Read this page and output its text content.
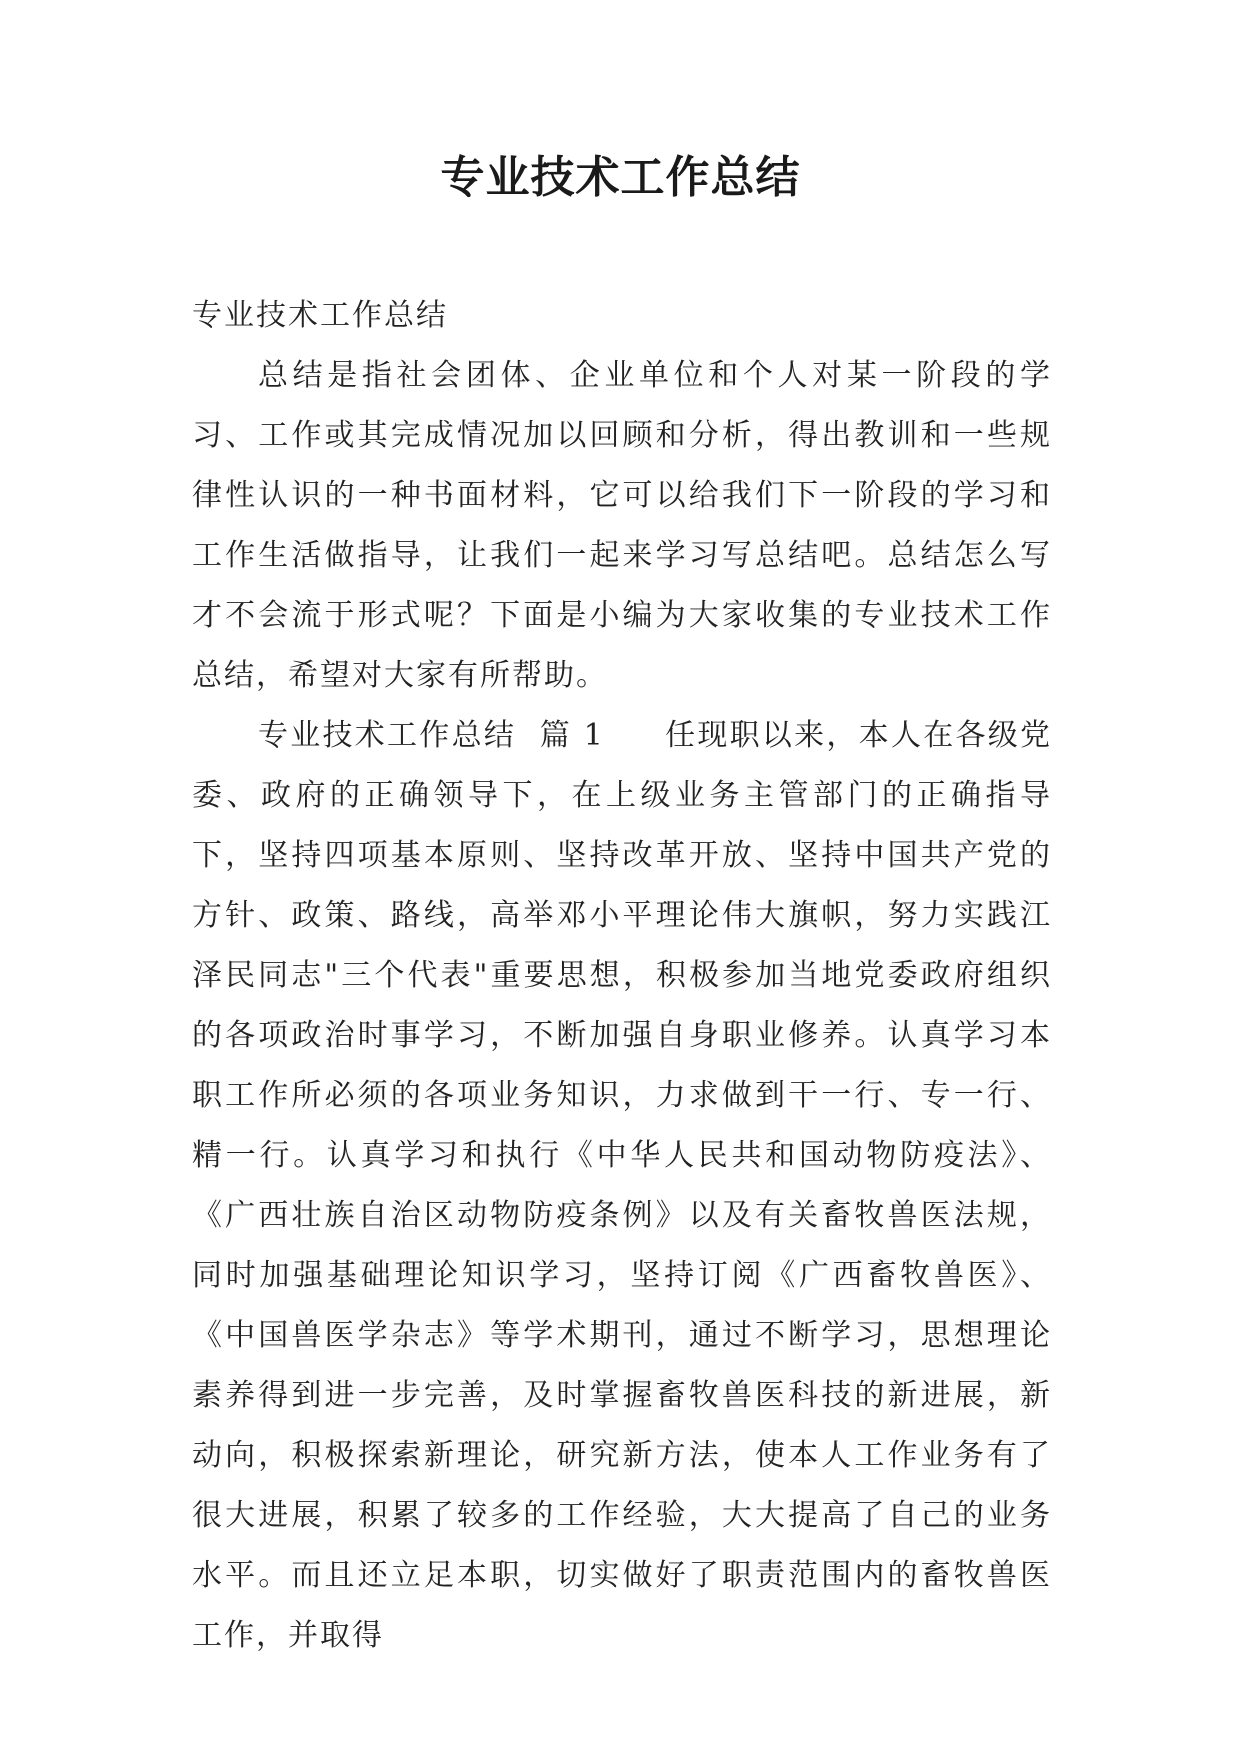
专业技术工作总结

专业技术工作总结

总结是指社会团体、企业单位和个人对某一阶段的学习、工作或其完成情况加以回顾和分析，得出教训和一些规律性认识的一种书面材料，它可以给我们下一阶段的学习和工作生活做指导，让我们一起来学习写总结吧。总结怎么写才不会流于形式呢？下面是小编为大家收集的专业技术工作总结，希望对大家有所帮助。

专业技术工作总结  篇 1 任现职以来，本人在各级党委、政府的正确领导下，在上级业务主管部门的正确指导下，坚持四项基本原则、坚持改革开放、坚持中国共产党的方针、政策、路线，高举邓小平理论伟大旗帜，努力实践江泽民同志"三个代表"重要思想，积极参加当地党委政府组织的各项政治时事学习，不断加强自身职业修养。认真学习本职工作所必须的各项业务知识，力求做到干一行、专一行、精一行。认真学习和执行《中华人民共和国动物防疫法》、《广西壮族自治区动物防疫条例》以及有关畜牧兽医法规，同时加强基础理论知识学习，坚持订阅《广西畜牧兽医》、《中国兽医学杂志》等学术期刊，通过不断学习，思想理论素养得到进一步完善，及时掌握畜牧兽医科技的新进展，新动向，积极探索新理论，研究新方法，使本人工作业务有了很大进展，积累了较多的工作经验，大大提高了自己的业务水平。而且还立足本职，切实做好了职责范围内的畜牧兽医工作，并取得
